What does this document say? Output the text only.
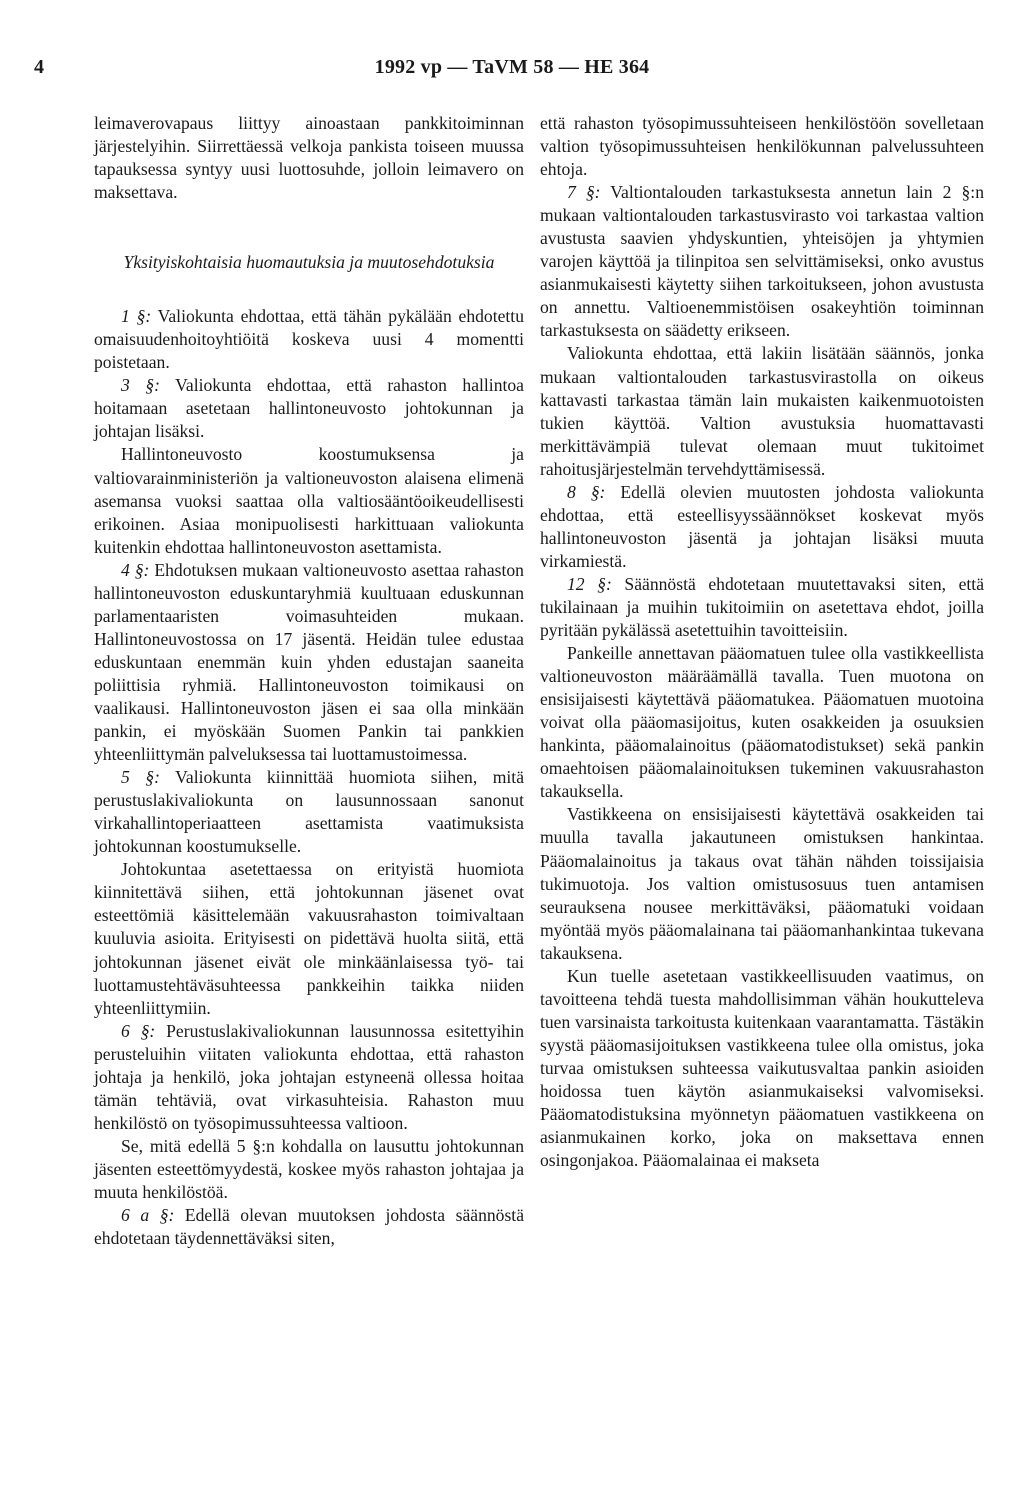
4	1992 vp — TaVM 58 — HE 364

leimaverovapaus liittyy ainoastaan pankkitoiminnan järjestelyihin. Siirrettäessä velkoja pankista toiseen muussa tapauksessa syntyy uusi luottosuhde, jolloin leimavero on maksettava.

Yksityiskohtaisia huomautuksia ja muutosehdotuksia

1 §: Valiokunta ehdottaa, että tähän pykälään ehdotettu omaisuudenhoitoyhtiöitä koskeva uusi 4 momentti poistetaan.

3 §: Valiokunta ehdottaa, että rahaston hallintoa hoitamaan asetetaan hallintoneuvosto johtokunnan ja johtajan lisäksi.

Hallintoneuvosto koostumuksensa ja valtiovarainministeriön ja valtioneuvoston alaisena elimenä asemansa vuoksi saattaa olla valtiosääntöoikeudellisesti erikoinen. Asiaa monipuolisesti harkittuaan valiokunta kuitenkin ehdottaa hallintoneuvoston asettamista.

4 §: Ehdotuksen mukaan valtioneuvosto asettaa rahaston hallintoneuvoston eduskuntaryhmiä kuultuaan eduskunnan parlamentaaristen voimasuhteiden mukaan. Hallintoneuvostossa on 17 jäsentä. Heidän tulee edustaa eduskuntaan enemmän kuin yhden edustajan saaneita poliittisia ryhmiä. Hallintoneuvoston toimikausi on vaalikausi. Hallintoneuvoston jäsen ei saa olla minkään pankin, ei myöskään Suomen Pankin tai pankkien yhteenliittymän palveluksessa tai luottamustoimessa.

5 §: Valiokunta kiinnittää huomiota siihen, mitä perustuslakivaliokunta on lausunnossaan sanonut virkahallintoperiaatteen asettamista vaatimuksista johtokunnan koostumukselle.

Johtokuntaa asetettaessa on erityistä huomiota kiinnitettävä siihen, että johtokunnan jäsenet ovat esteettömiä käsittelemään vakuusrahaston toimivaltaan kuuluvia asioita. Erityisesti on pidettävä huolta siitä, että johtokunnan jäsenet eivät ole minkäänlaisessa työ- tai luottamustehtäväsuhteessa pankkeihin taikka niiden yhteenliittymiin.

6 §: Perustuslakivaliokunnan lausunnossa esitettyihin perusteluihin viitaten valiokunta ehdottaa, että rahaston johtaja ja henkilö, joka johtajan estyneenä ollessa hoitaa tämän tehtäviä, ovat virkasuhteisia. Rahaston muu henkilöstö on työsopimussuhteessa valtioon.

Se, mitä edellä 5 §:n kohdalla on lausuttu johtokunnan jäsenten esteettömyydestä, koskee myös rahaston johtajaa ja muuta henkilöstöä.

6 a §: Edellä olevan muutoksen johdosta säännöstä ehdotetaan täydennettäväksi siten,

että rahaston työsopimussuhteiseen henkilöstöön sovelletaan valtion työsopimussuhteisen henkilökunnan palvelussuhteen ehtoja.

7 §: Valtiontalouden tarkastuksesta annetun lain 2 §:n mukaan valtiontalouden tarkastusvirasto voi tarkastaa valtion avustusta saavien yhdyskuntien, yhteisöjen ja yhtymien varojen käyttöä ja tilinpitoa sen selvittämiseksi, onko avustus asianmukaisesti käytetty siihen tarkoitukseen, johon avustusta on annettu. Valtioenemmistöisen osakeyhtiön toiminnan tarkastuksesta on säädetty erikseen.

Valiokunta ehdottaa, että lakiin lisätään säännös, jonka mukaan valtiontalouden tarkastusvirastolla on oikeus kattavasti tarkastaa tämän lain mukaisten kaikenmuotoisten tukien käyttöä. Valtion avustuksia huomattavasti merkittävämpiä tulevat olemaan muut tukitoimet rahoitusjärjestelmän tervehdyttämisessä.

8 §: Edellä olevien muutosten johdosta valiokunta ehdottaa, että esteellisyyssäännökset koskevat myös hallintoneuvoston jäsentä ja johtajan lisäksi muuta virkamiestä.

12 §: Säännöstä ehdotetaan muutettavaksi siten, että tukilainaan ja muihin tukitoimiin on asetettava ehdot, joilla pyritään pykälässä asetettuihin tavoitteisiin.

Pankeille annettavan pääomatuen tulee olla vastikkeellista valtioneuvoston määräämällä tavalla. Tuen muotona on ensisijaisesti käytettävä pääomatukea. Pääomatuen muotoina voivat olla pääomasijoitus, kuten osakkeiden ja osuuksien hankinta, pääomalainoitus (pääomatodistukset) sekä pankin omaehtoisen pääomalainoituksen tukeminen vakuusrahaston takauksella.

Vastikkeena on ensisijaisesti käytettävä osakkeiden tai muulla tavalla jakautuneen omistuksen hankintaa. Pääomalainoitus ja takaus ovat tähän nähden toissijaisia tukimuotoja. Jos valtion omistusosuus tuen antamisen seurauksena nousee merkittäväksi, pääomatuki voidaan myöntää myös pääomalainana tai pääomanhankintaa tukevana takauksena.

Kun tuelle asetetaan vastikkeellisuuden vaatimus, on tavoitteena tehdä tuesta mahdollisimman vähän houkutteleva tuen varsinaista tarkoitusta kuitenkaan vaarantamatta. Tästäkin syystä pääomasijoituksen vastikkeena tulee olla omistus, joka turvaa omistuksen suhteessa vaikutusvaltaa pankin asioiden hoidossa tuen käytön asianmukaiseksi valvomiseksi. Pääomatodistuksina myönnetyn pääomatuen vastikkeena on asianmukainen korko, joka on maksettava ennen osingonjakoa. Pääomalainaa ei makseta
